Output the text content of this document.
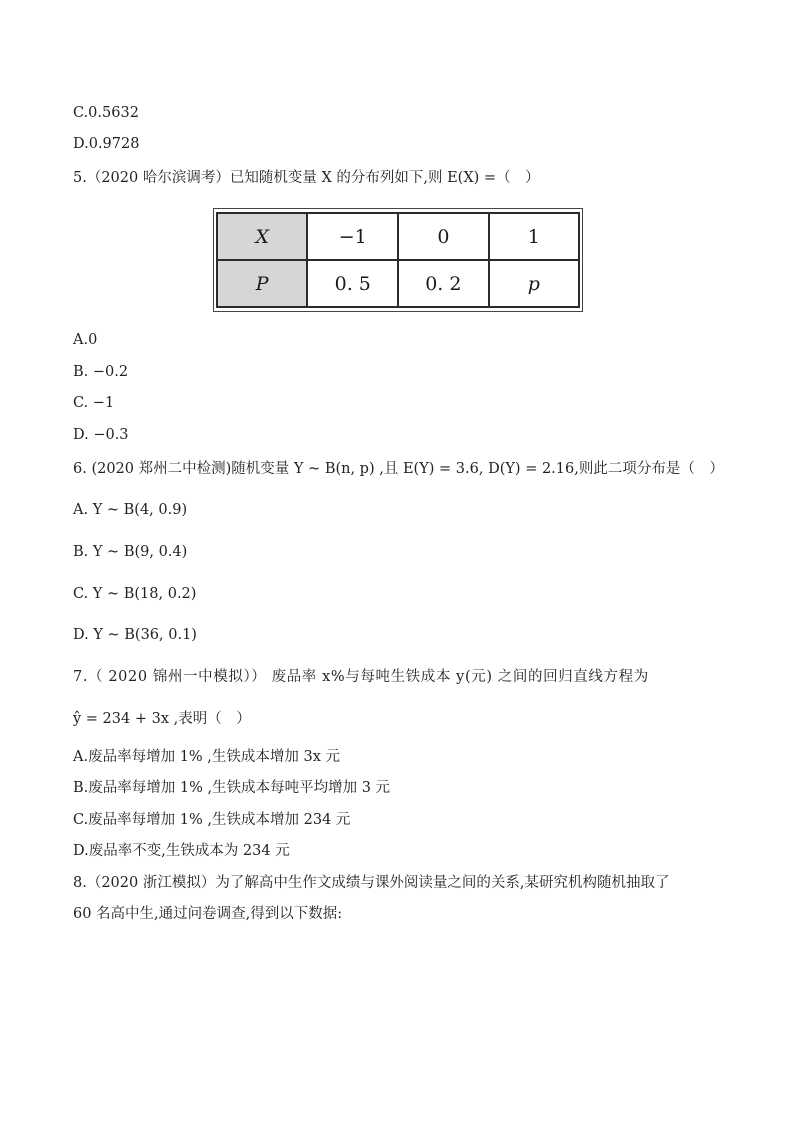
C.0.5632
D.0.9728
5.（2020 哈尔滨调考）已知随机变量 X 的分布列如下,则 E(X) =（　）
X	−1	0	1
P	0. 5	0. 2	p
A.0
B. −0.2
C. −1
D. −0.3
6. (2020 郑州二中检测)随机变量 Y ~ B(n, p) ,且 E(Y) = 3.6, D(Y) = 2.16,则此二项分布是（　）
A. Y ~ B(4, 0.9)
B. Y ~ B(9, 0.4)
C. Y ~ B(18, 0.2)
D. Y ~ B(36, 0.1)
7.（ 2020 锦州一中模拟）） 废品率 x%与每吨生铁成本 y(元) 之间的回归直线方程为
ŷ = 234 + 3x ,表明（　）
A.废品率每增加 1% ,生铁成本增加 3x 元
B.废品率每增加 1% ,生铁成本每吨平均增加 3 元
C.废品率每增加 1% ,生铁成本增加 234 元
D.废品率不变,生铁成本为 234 元
8.（2020 浙江模拟）为了解高中生作文成绩与课外阅读量之间的关系,某研究机构随机抽取了
60 名高中生,通过问卷调查,得到以下数据:
